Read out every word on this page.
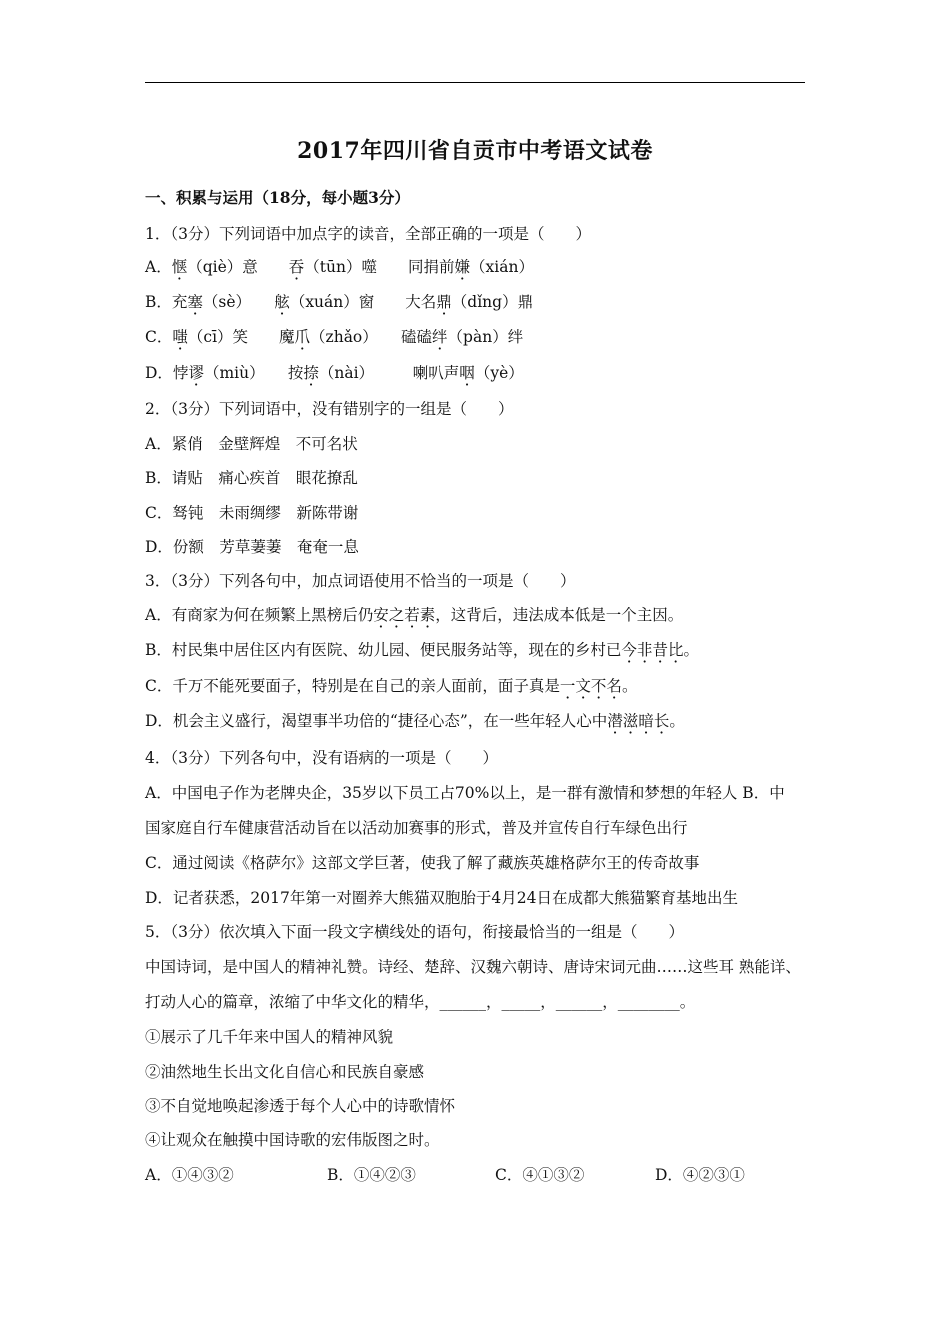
2017年四川省自贡市中考语文试卷
一、积累与运用（18分，每小题3分）
1．（3分）下列词语中加点字的读音，全部正确的一项是（　　）
A．惬（qiè）意　　吞（tūn）噬　　同捐前嫌（xián）
B．充塞（sè）　　舷（xuán）窗　　大名鼎（dǐng）鼎
C．嗤（cī）笑　　魔爪（zhǎo）　　磕磕绊（pàn）绊
D．悖谬（miù）　　按捺（nài）　　　喇叭声咽（yè）
2．（3分）下列词语中，没有错别字的一组是（　　）
A．紧俏　金壁辉煌　不可名状
B．请贴　痛心疾首　眼花撩乱
C．驽钝　未雨绸缪　新陈带谢
D．份额　芳草萋萋　奄奄一息
3．（3分）下列各句中，加点词语使用不恰当的一项是（　　）
A．有商家为何在频繁上黑榜后仍安之若素，这背后，违法成本低是一个主因。
B．村民集中居住区内有医院、幼儿园、便民服务站等，现在的乡村已今非昔比。
C．千万不能死要面子，特别是在自己的亲人面前，面子真是一文不名。
D．机会主义盛行，渴望事半功倍的“捷径心态”，在一些年轻人心中潜滋暗长。
4．（3分）下列各句中，没有语病的一项是（　　）
A．中国电子作为老牌央企，35岁以下员工占70%以上，是一群有激情和梦想的年轻人 B．中
国家庭自行车健康营活动旨在以活动加赛事的形式，普及并宣传自行车绿色出行
C．通过阅读《格萨尔》这部文学巨著，使我了解了藏族英雄格萨尔王的传奇故事
D．记者获悉，2017年第一对圈养大熊猫双胞胎于4月24日在成都大熊猫繁育基地出生
5．（3分）依次填入下面一段文字横线处的语句，衔接最恰当的一组是（　　）
中国诗词，是中国人的精神礼赞。诗经、楚辞、汉魏六朝诗、唐诗宋词元曲……这些耳 熟能详、
打动人心的篇章，浓缩了中华文化的精华，______，_____，______，________。
①展示了几千年来中国人的精神风貌
②油然地生长出文化自信心和民族自豪感
③不自觉地唤起渗透于每个人心中的诗歌情怀
④让观众在触摸中国诗歌的宏伟版图之时。
A．①④③②	B．①④②③	C．④①③②	D．④②③①
